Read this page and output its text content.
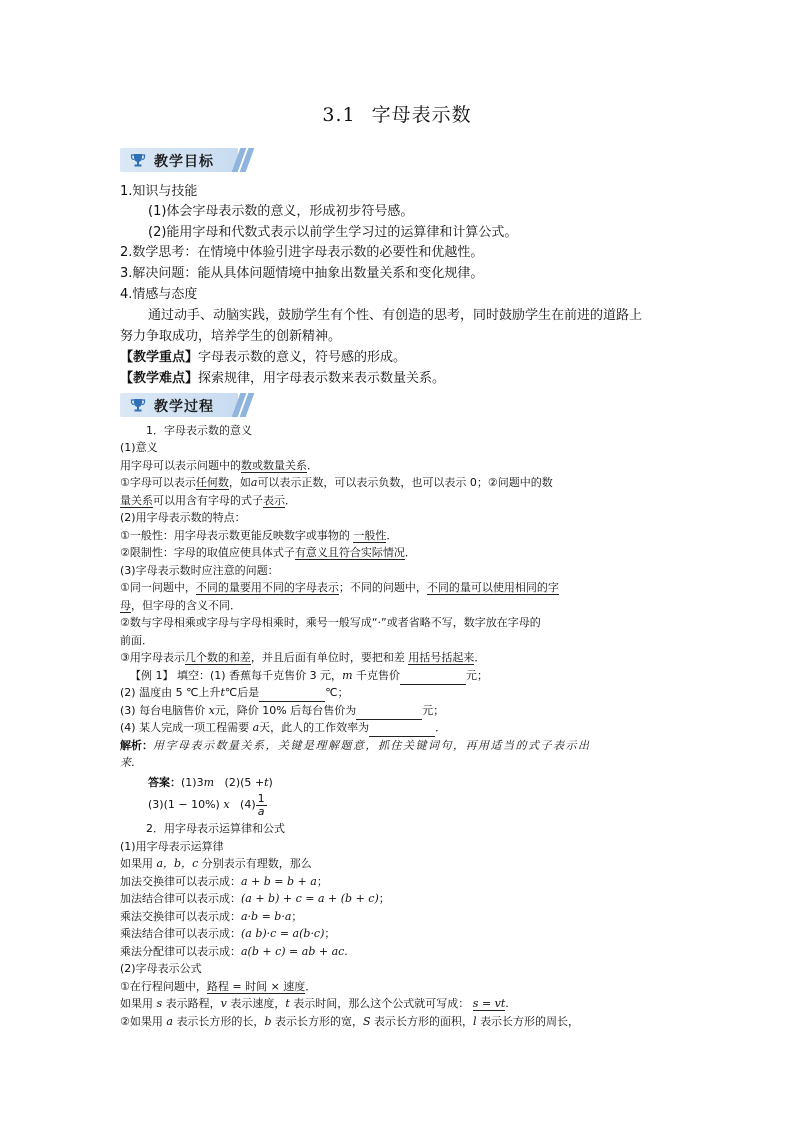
3.1 字母表示数
教学目标
1.知识与技能
(1)体会字母表示数的意义，形成初步符号感。
(2)能用字母和代数式表示以前学生学习过的运算律和计算公式。
2.数学思考：在情境中体验引进字母表示数的必要性和优越性。
3.解决问题：能从具体问题情境中抽象出数量关系和变化规律。
4.情感与态度
通过动手、动脑实践，鼓励学生有个性、有创造的思考，同时鼓励学生在前进的道路上
努力争取成功，培养学生的创新精神。
【教学重点】字母表示数的意义，符号感的形成。
【教学难点】探索规律，用字母表示数来表示数量关系。
教学过程
1．字母表示数的意义
(1)意义
用字母可以表示问题中的数或数量关系．
①字母可以表示任何数，如a可以表示正数，可以表示负数，也可以表示 0；②问题中的数
量关系可以用含有字母的式子表示．
(2)用字母表示数的特点：
①一般性：用字母表示数更能反映数字或事物的 一般性．
②限制性：字母的取值应使具体式子有意义且符合实际情况．
(3)字母表示数时应注意的问题：
①同一问题中，不同的量要用不同的字母表示；不同的问题中，不同的量可以使用相同的字
母，但字母的含义不同．
②数与字母相乘或字母与字母相乘时，乘号一般写成“·”或者省略不写，数字放在字母的
前面．
③用字母表示几个数的和差，并且后面有单位时，要把和差 用括号括起来．
【例 1】 填空：(1) 香蕉每千克售价 3 元，m 千克售价	元；
(2) 温度由 5 ℃上升t℃后是	℃；
(3) 每台电脑售价 x元，降价 10% 后每台售价为	元；
(4) 某人完成一项工程需要 a天，此人的工作效率为	．
解析：用字母表示数量关系，关键是理解题意，抓住关键词句，再用适当的式子表示出
来．
答案：(1)3m (2)(5 +t)
(3)(1 − 10%) x $(4) \frac{1}{a}$
2．用字母表示运算律和公式
(1)用字母表示运算律
如果用 a，b，c 分别表示有理数，那么
加法交换律可以表示成：a + b = b + a；
加法结合律可以表示成：(a + b) + c = a + (b + c)；
乘法交换律可以表示成：a·b = b·a；
乘法结合律可以表示成：(a b)·c = a(b·c)；
乘法分配律可以表示成：a(b + c) = ab + ac.
(2)字母表示公式
①在行程问题中，路程 = 时间 × 速度．
如果用 s 表示路程，v 表示速度，t 表示时间，那么这个公式就可写成： s = vt.
②如果用 a 表示长方形的长，b 表示长方形的宽，S 表示长方形的面积，l 表示长方形的周长，
